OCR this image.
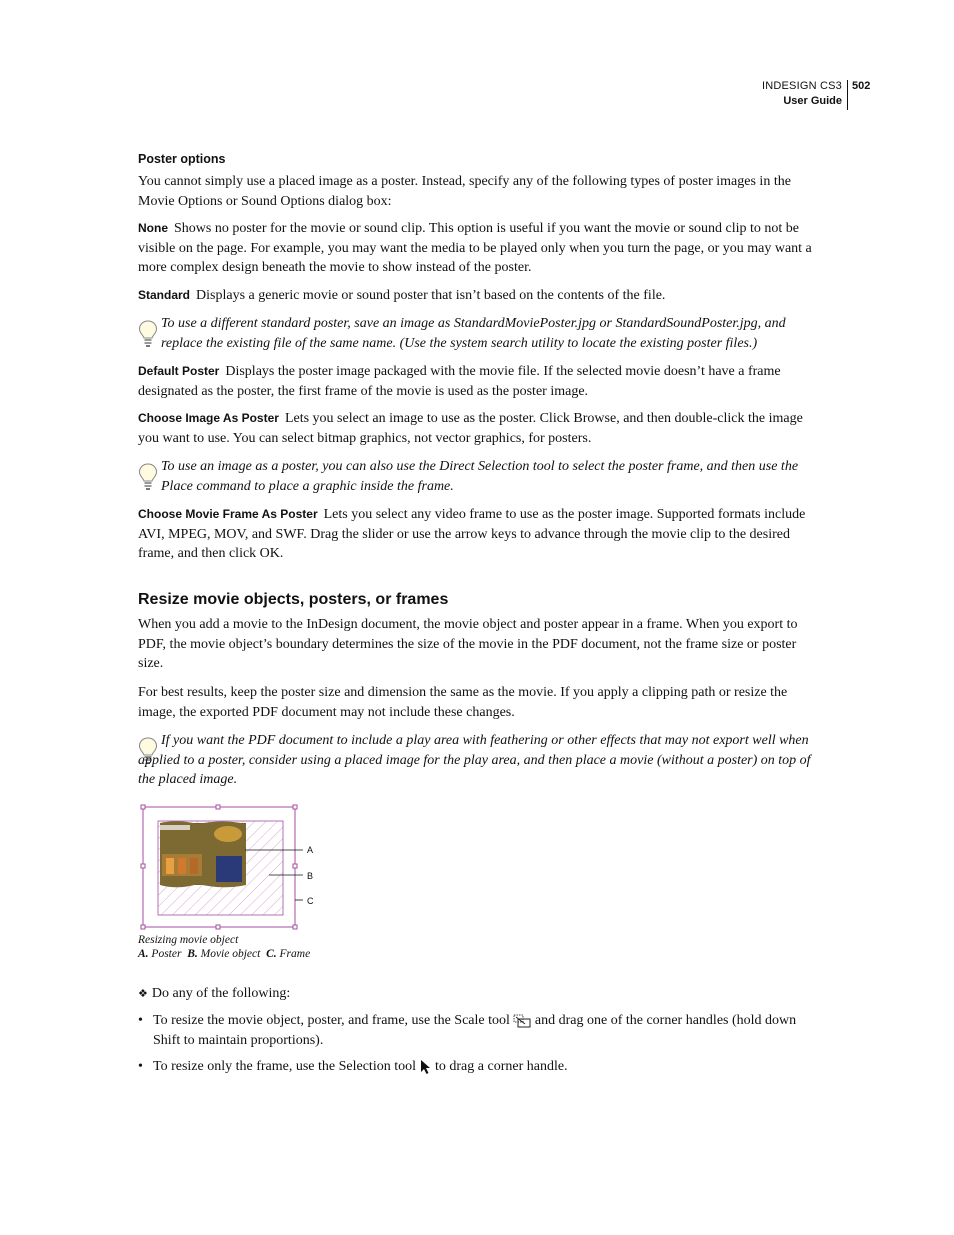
INDESIGN CS3
User Guide
502

Poster options

You cannot simply use a placed image as a poster. Instead, specify any of the following types of poster images in the Movie Options or Sound Options dialog box:

None Shows no poster for the movie or sound clip. This option is useful if you want the movie or sound clip to not be visible on the page. For example, you may want the media to be played only when you turn the page, or you may want a more complex design beneath the movie to show instead of the poster.

Standard Displays a generic movie or sound poster that isn’t based on the contents of the file.

To use a different standard poster, save an image as StandardMoviePoster.jpg or StandardSoundPoster.jpg, and replace the existing file of the same name. (Use the system search utility to locate the existing poster files.)

Default Poster Displays the poster image packaged with the movie file. If the selected movie doesn’t have a frame designated as the poster, the first frame of the movie is used as the poster image.

Choose Image As Poster Lets you select an image to use as the poster. Click Browse, and then double-click the image you want to use. You can select bitmap graphics, not vector graphics, for posters.

To use an image as a poster, you can also use the Direct Selection tool to select the poster frame, and then use the Place command to place a graphic inside the frame.

Choose Movie Frame As Poster Lets you select any video frame to use as the poster image. Supported formats include AVI, MPEG, MOV, and SWF. Drag the slider or use the arrow keys to advance through the movie clip to the desired frame, and then click OK.

Resize movie objects, posters, or frames

When you add a movie to the InDesign document, the movie object and poster appear in a frame. When you export to PDF, the movie object’s boundary determines the size of the movie in the PDF document, not the frame size or poster size.

For best results, keep the poster size and dimension the same as the movie. If you apply a clipping path or resize the image, the exported PDF document may not include these changes.

If you want the PDF document to include a play area with feathering or other effects that may not export well when applied to a poster, consider using a placed image for the play area, and then place a movie (without a poster) on top of the placed image.

A
B
C
Resizing movie object
A. Poster B. Movie object C. Frame

❖ Do any of the following:

• To resize the movie object, poster, and frame, use the Scale tool and drag one of the corner handles (hold down Shift to maintain proportions).

• To resize only the frame, use the Selection tool to drag a corner handle.
